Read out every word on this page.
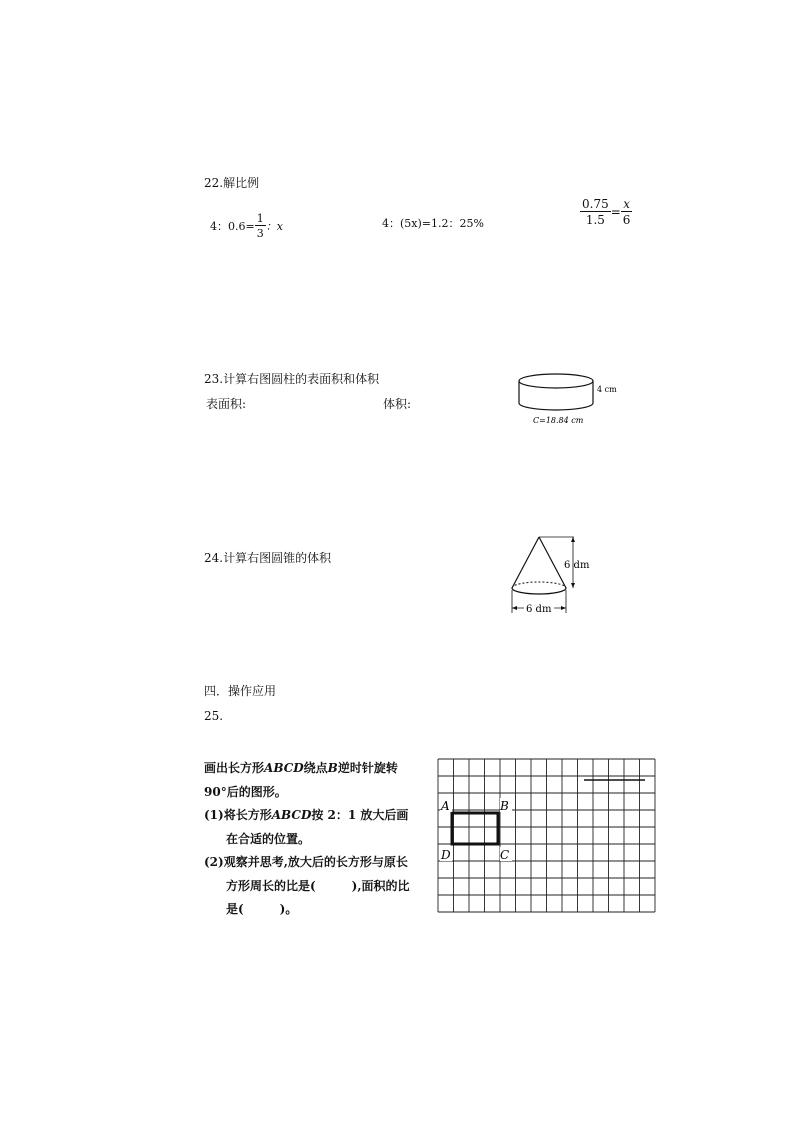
22.解比例
4：$0.6= \frac{1}{3}$ ：x	4：(5x)=1.2：25%	$\frac{0.75}{1.5} = \frac{x}{6}$
23.计算右图圆柱的表面积和体积
表面积:	体积:
4 cm
C=18.84 cm
24.计算右图圆锥的体积
6 dm
6 dm
四．操作应用
25.
画出长方形ABCD绕点B逆时针旋转
90°后的图形。
(1)将长方形ABCD按 2：1 放大后画
在合适的位置。
(2)观察并思考,放大后的长方形与原长
方形周长的比是(　　　),面积的比
是(　　　)。
A	B
D	C
